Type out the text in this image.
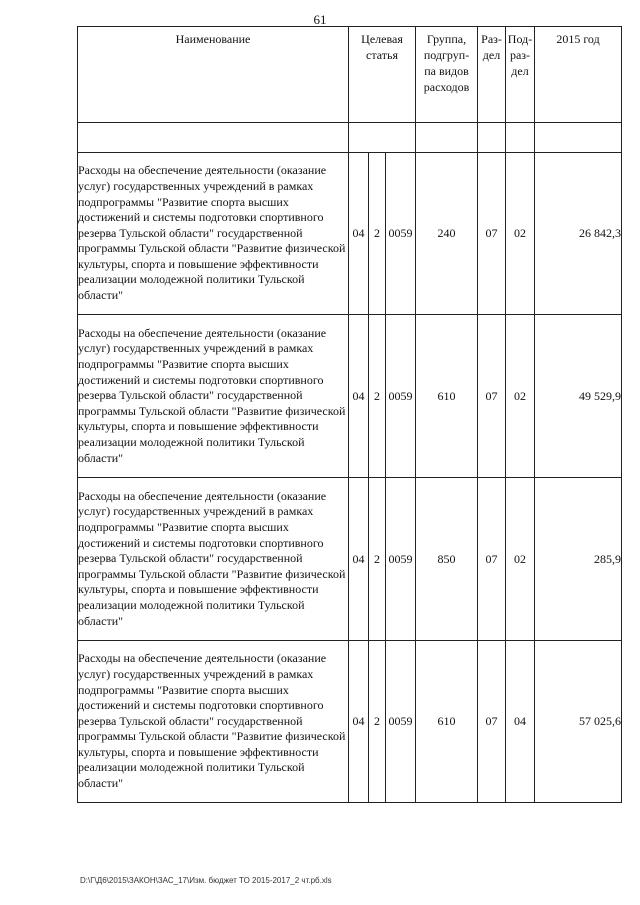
61
Наименование	Целевая статья			Группа,
подгруп-
па видов
расходов	Раз-
дел	Под-
раз-
дел	2015 год

Расходы на обеспечение деятельности (оказание услуг) государственных учреждений в рамках подпрограммы "Развитие спорта высших достижений и системы подготовки спортивного резерва Тульской области" государственной программы Тульской области "Развитие физической культуры, спорта и повышение эффективности реализации молодежной политики Тульской области"	04	2	0059	240	07	02	26 842,3
Расходы на обеспечение деятельности (оказание услуг) государственных учреждений в рамках подпрограммы "Развитие спорта высших достижений и системы подготовки спортивного резерва Тульской области" государственной программы Тульской области "Развитие физической культуры, спорта и повышение эффективности реализации молодежной политики Тульской области"	04	2	0059	610	07	02	49 529,9
Расходы на обеспечение деятельности (оказание услуг) государственных учреждений в рамках подпрограммы "Развитие спорта высших достижений и системы подготовки спортивного резерва Тульской области" государственной программы Тульской области "Развитие физической культуры, спорта и повышение эффективности реализации молодежной политики Тульской области"	04	2	0059	850	07	02	285,9
Расходы на обеспечение деятельности (оказание услуг) государственных учреждений в рамках подпрограммы "Развитие спорта высших достижений и системы подготовки спортивного резерва Тульской области" государственной программы Тульской области "Развитие физической культуры, спорта и повышение эффективности реализации молодежной политики Тульской области"	04	2	0059	610	07	04	57 025,6
D:\Г\Д6\2015\ЗАКОН\ЗАС_17\Изм. бюджет ТО 2015-2017_2 чт.рб.xls
